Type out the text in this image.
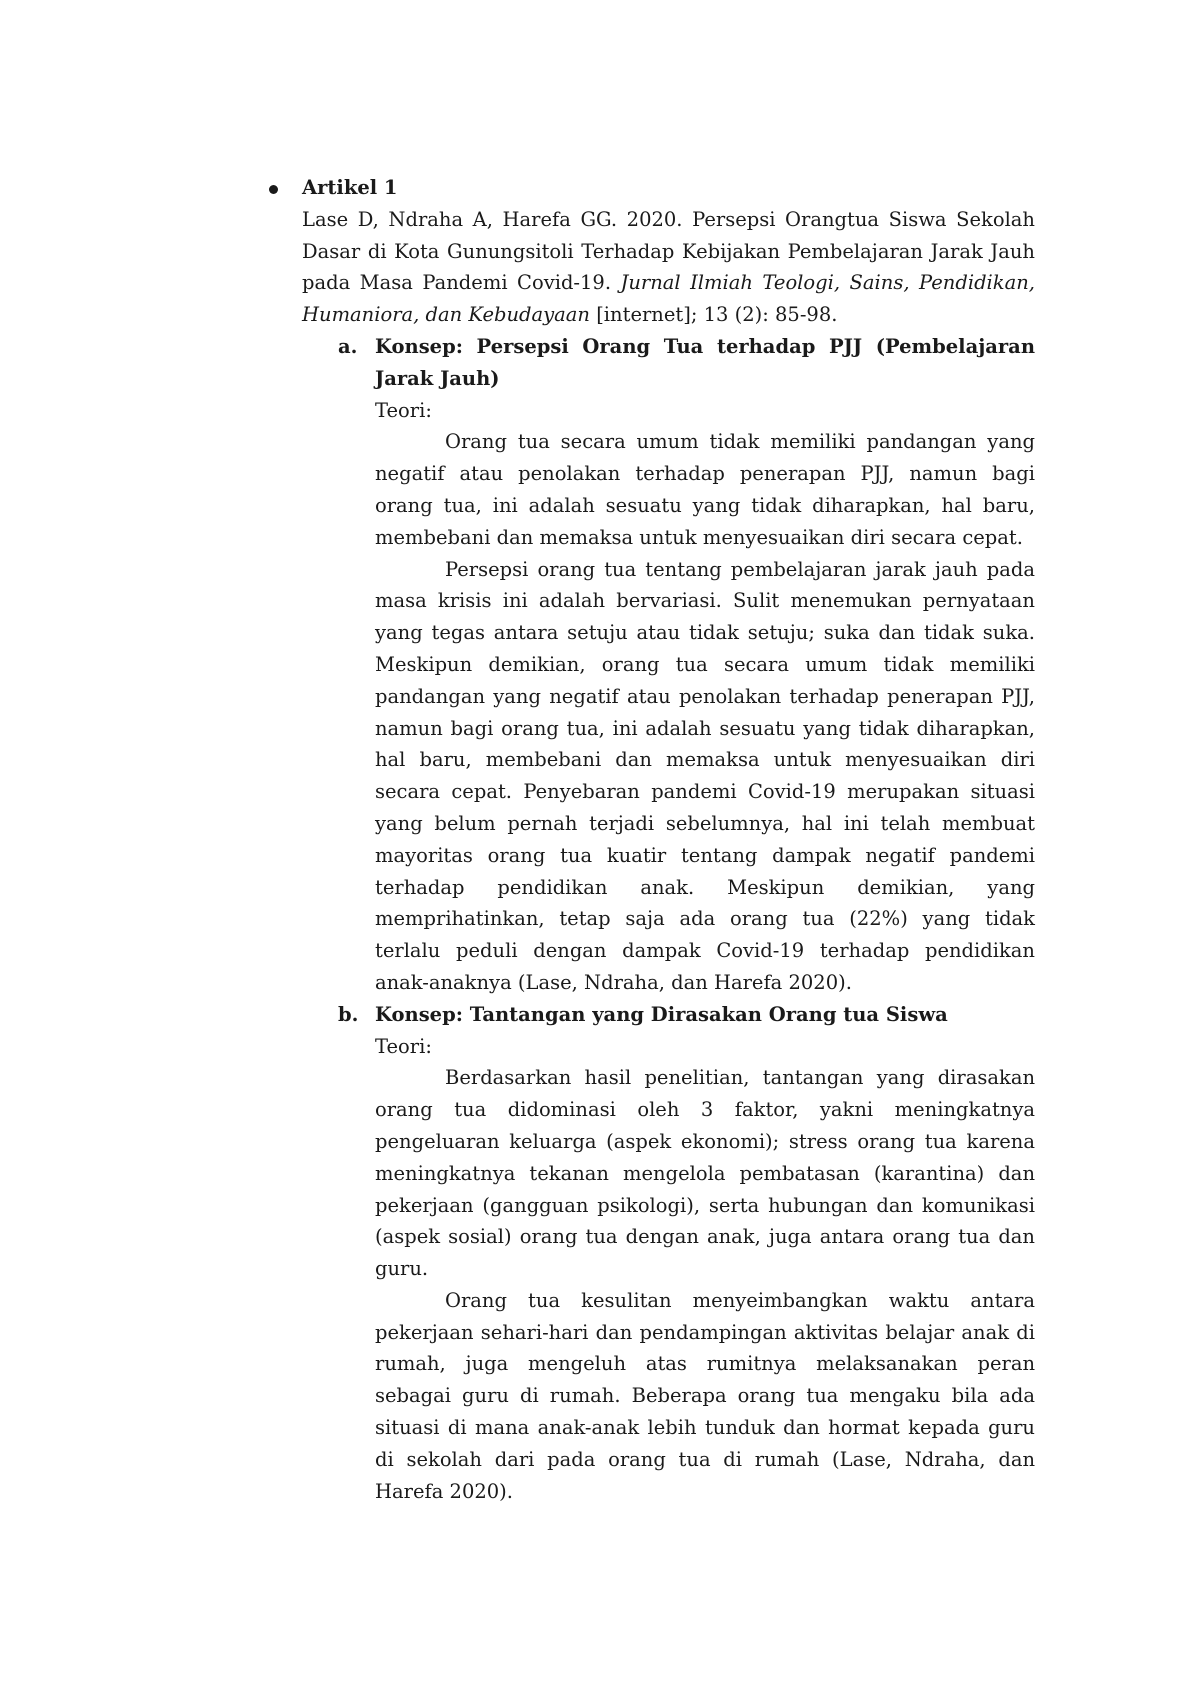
Artikel 1

Lase D, Ndraha A, Harefa GG. 2020. Persepsi Orangtua Siswa Sekolah Dasar di Kota Gunungsitoli Terhadap Kebijakan Pembelajaran Jarak Jauh pada Masa Pandemi Covid-19. Jurnal Ilmiah Teologi, Sains, Pendidikan, Humaniora, dan Kebudayaan [internet]; 13 (2): 85-98.

a. Konsep: Persepsi Orang Tua terhadap PJJ (Pembelajaran Jarak Jauh)

Teori:

Orang tua secara umum tidak memiliki pandangan yang negatif atau penolakan terhadap penerapan PJJ, namun bagi orang tua, ini adalah sesuatu yang tidak diharapkan, hal baru, membebani dan memaksa untuk menyesuaikan diri secara cepat.

Persepsi orang tua tentang pembelajaran jarak jauh pada masa krisis ini adalah bervariasi. Sulit menemukan pernyataan yang tegas antara setuju atau tidak setuju; suka dan tidak suka. Meskipun demikian, orang tua secara umum tidak memiliki pandangan yang negatif atau penolakan terhadap penerapan PJJ, namun bagi orang tua, ini adalah sesuatu yang tidak diharapkan, hal baru, membebani dan memaksa untuk menyesuaikan diri secara cepat. Penyebaran pandemi Covid-19 merupakan situasi yang belum pernah terjadi sebelumnya, hal ini telah membuat mayoritas orang tua kuatir tentang dampak negatif pandemi terhadap pendidikan anak. Meskipun demikian, yang memprihatinkan, tetap saja ada orang tua (22%) yang tidak terlalu peduli dengan dampak Covid-19 terhadap pendidikan anak-anaknya (Lase, Ndraha, dan Harefa 2020).

b. Konsep: Tantangan yang Dirasakan Orang tua Siswa

Teori:

Berdasarkan hasil penelitian, tantangan yang dirasakan orang tua didominasi oleh 3 faktor, yakni meningkatnya pengeluaran keluarga (aspek ekonomi); stress orang tua karena meningkatnya tekanan mengelola pembatasan (karantina) dan pekerjaan (gangguan psikologi), serta hubungan dan komunikasi (aspek sosial) orang tua dengan anak, juga antara orang tua dan guru.

Orang tua kesulitan menyeimbangkan waktu antara pekerjaan sehari-hari dan pendampingan aktivitas belajar anak di rumah, juga mengeluh atas rumitnya melaksanakan peran sebagai guru di rumah. Beberapa orang tua mengaku bila ada situasi di mana anak-anak lebih tunduk dan hormat kepada guru di sekolah dari pada orang tua di rumah (Lase, Ndraha, dan Harefa 2020).
